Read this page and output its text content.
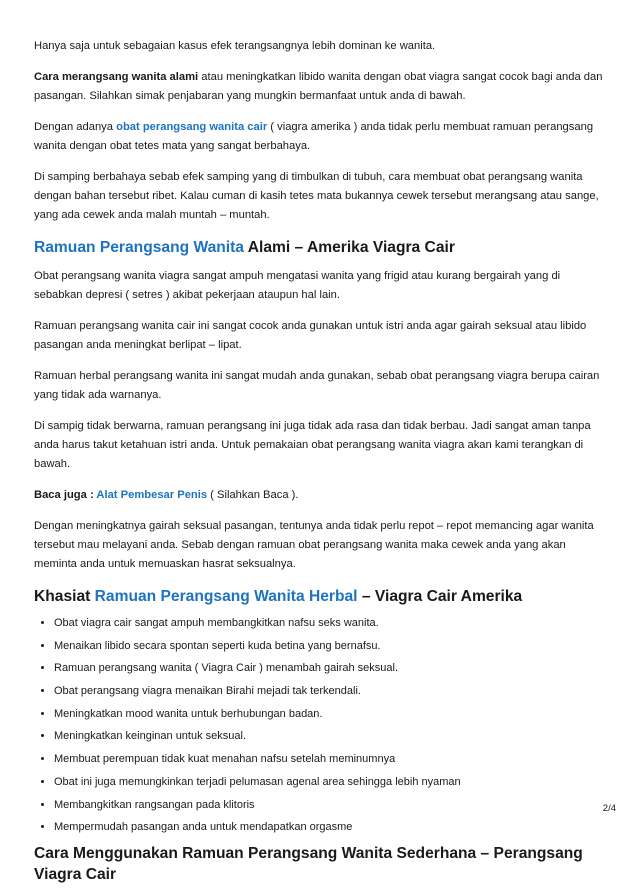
Hanya saja untuk sebagaian kasus efek terangsangnya lebih dominan ke wanita.

Cara merangsang wanita alami atau meningkatkan libido wanita dengan obat viagra sangat cocok bagi anda dan pasangan. Silahkan simak penjabaran yang mungkin bermanfaat untuk anda di bawah.

Dengan adanya obat perangsang wanita cair ( viagra amerika ) anda tidak perlu membuat ramuan perangsang wanita dengan obat tetes mata yang sangat berbahaya.

Di samping berbahaya sebab efek samping yang di timbulkan di tubuh, cara membuat obat perangsang wanita dengan bahan tersebut ribet. Kalau cuman di kasih tetes mata bukannya cewek tersebut merangsang atau sange, yang ada cewek anda malah muntah – muntah.

Ramuan Perangsang Wanita Alami – Amerika Viagra Cair

Obat perangsang wanita viagra sangat ampuh mengatasi wanita yang frigid atau kurang bergairah yang di sebabkan depresi ( setres ) akibat pekerjaan ataupun hal lain.

Ramuan perangsang wanita cair ini sangat cocok anda gunakan untuk istri anda agar gairah seksual atau libido pasangan anda meningkat berlipat – lipat.

Ramuan herbal perangsang wanita ini sangat mudah anda gunakan, sebab obat perangsang viagra berupa cairan yang tidak ada warnanya.

Di sampig tidak berwarna, ramuan perangsang ini juga tidak ada rasa dan tidak berbau. Jadi sangat aman tanpa anda harus takut ketahuan istri anda. Untuk pemakaian obat perangsang wanita viagra akan kami terangkan di bawah.

Baca juga : Alat Pembesar Penis ( Silahkan Baca ).

Dengan meningkatnya gairah seksual pasangan, tentunya anda tidak perlu repot – repot memancing agar wanita tersebut mau melayani anda. Sebab dengan ramuan obat perangsang wanita maka cewek anda yang akan meminta anda untuk memuaskan hasrat seksualnya.

Khasiat Ramuan Perangsang Wanita Herbal – Viagra Cair Amerika
• Obat viagra cair sangat ampuh membangkitkan nafsu seks wanita.
• Menaikan libido secara spontan seperti kuda betina yang bernafsu.
• Ramuan perangsang wanita ( Viagra Cair ) menambah gairah seksual.
• Obat perangsang viagra menaikan Birahi mejadi tak terkendali.
• Meningkatkan mood wanita untuk berhubungan badan.
• Meningkatkan keinginan untuk seksual.
• Membuat perempuan tidak kuat menahan nafsu setelah meminumnya
• Obat ini juga memungkinkan terjadi pelumasan agenal area sehingga lebih nyaman
• Membangkitkan rangsangan pada klitoris
• Mempermudah pasangan anda untuk mendapatkan orgasme
Cara Menggunakan Ramuan Perangsang Wanita Sederhana – Perangsang Viagra Cair
2/4
